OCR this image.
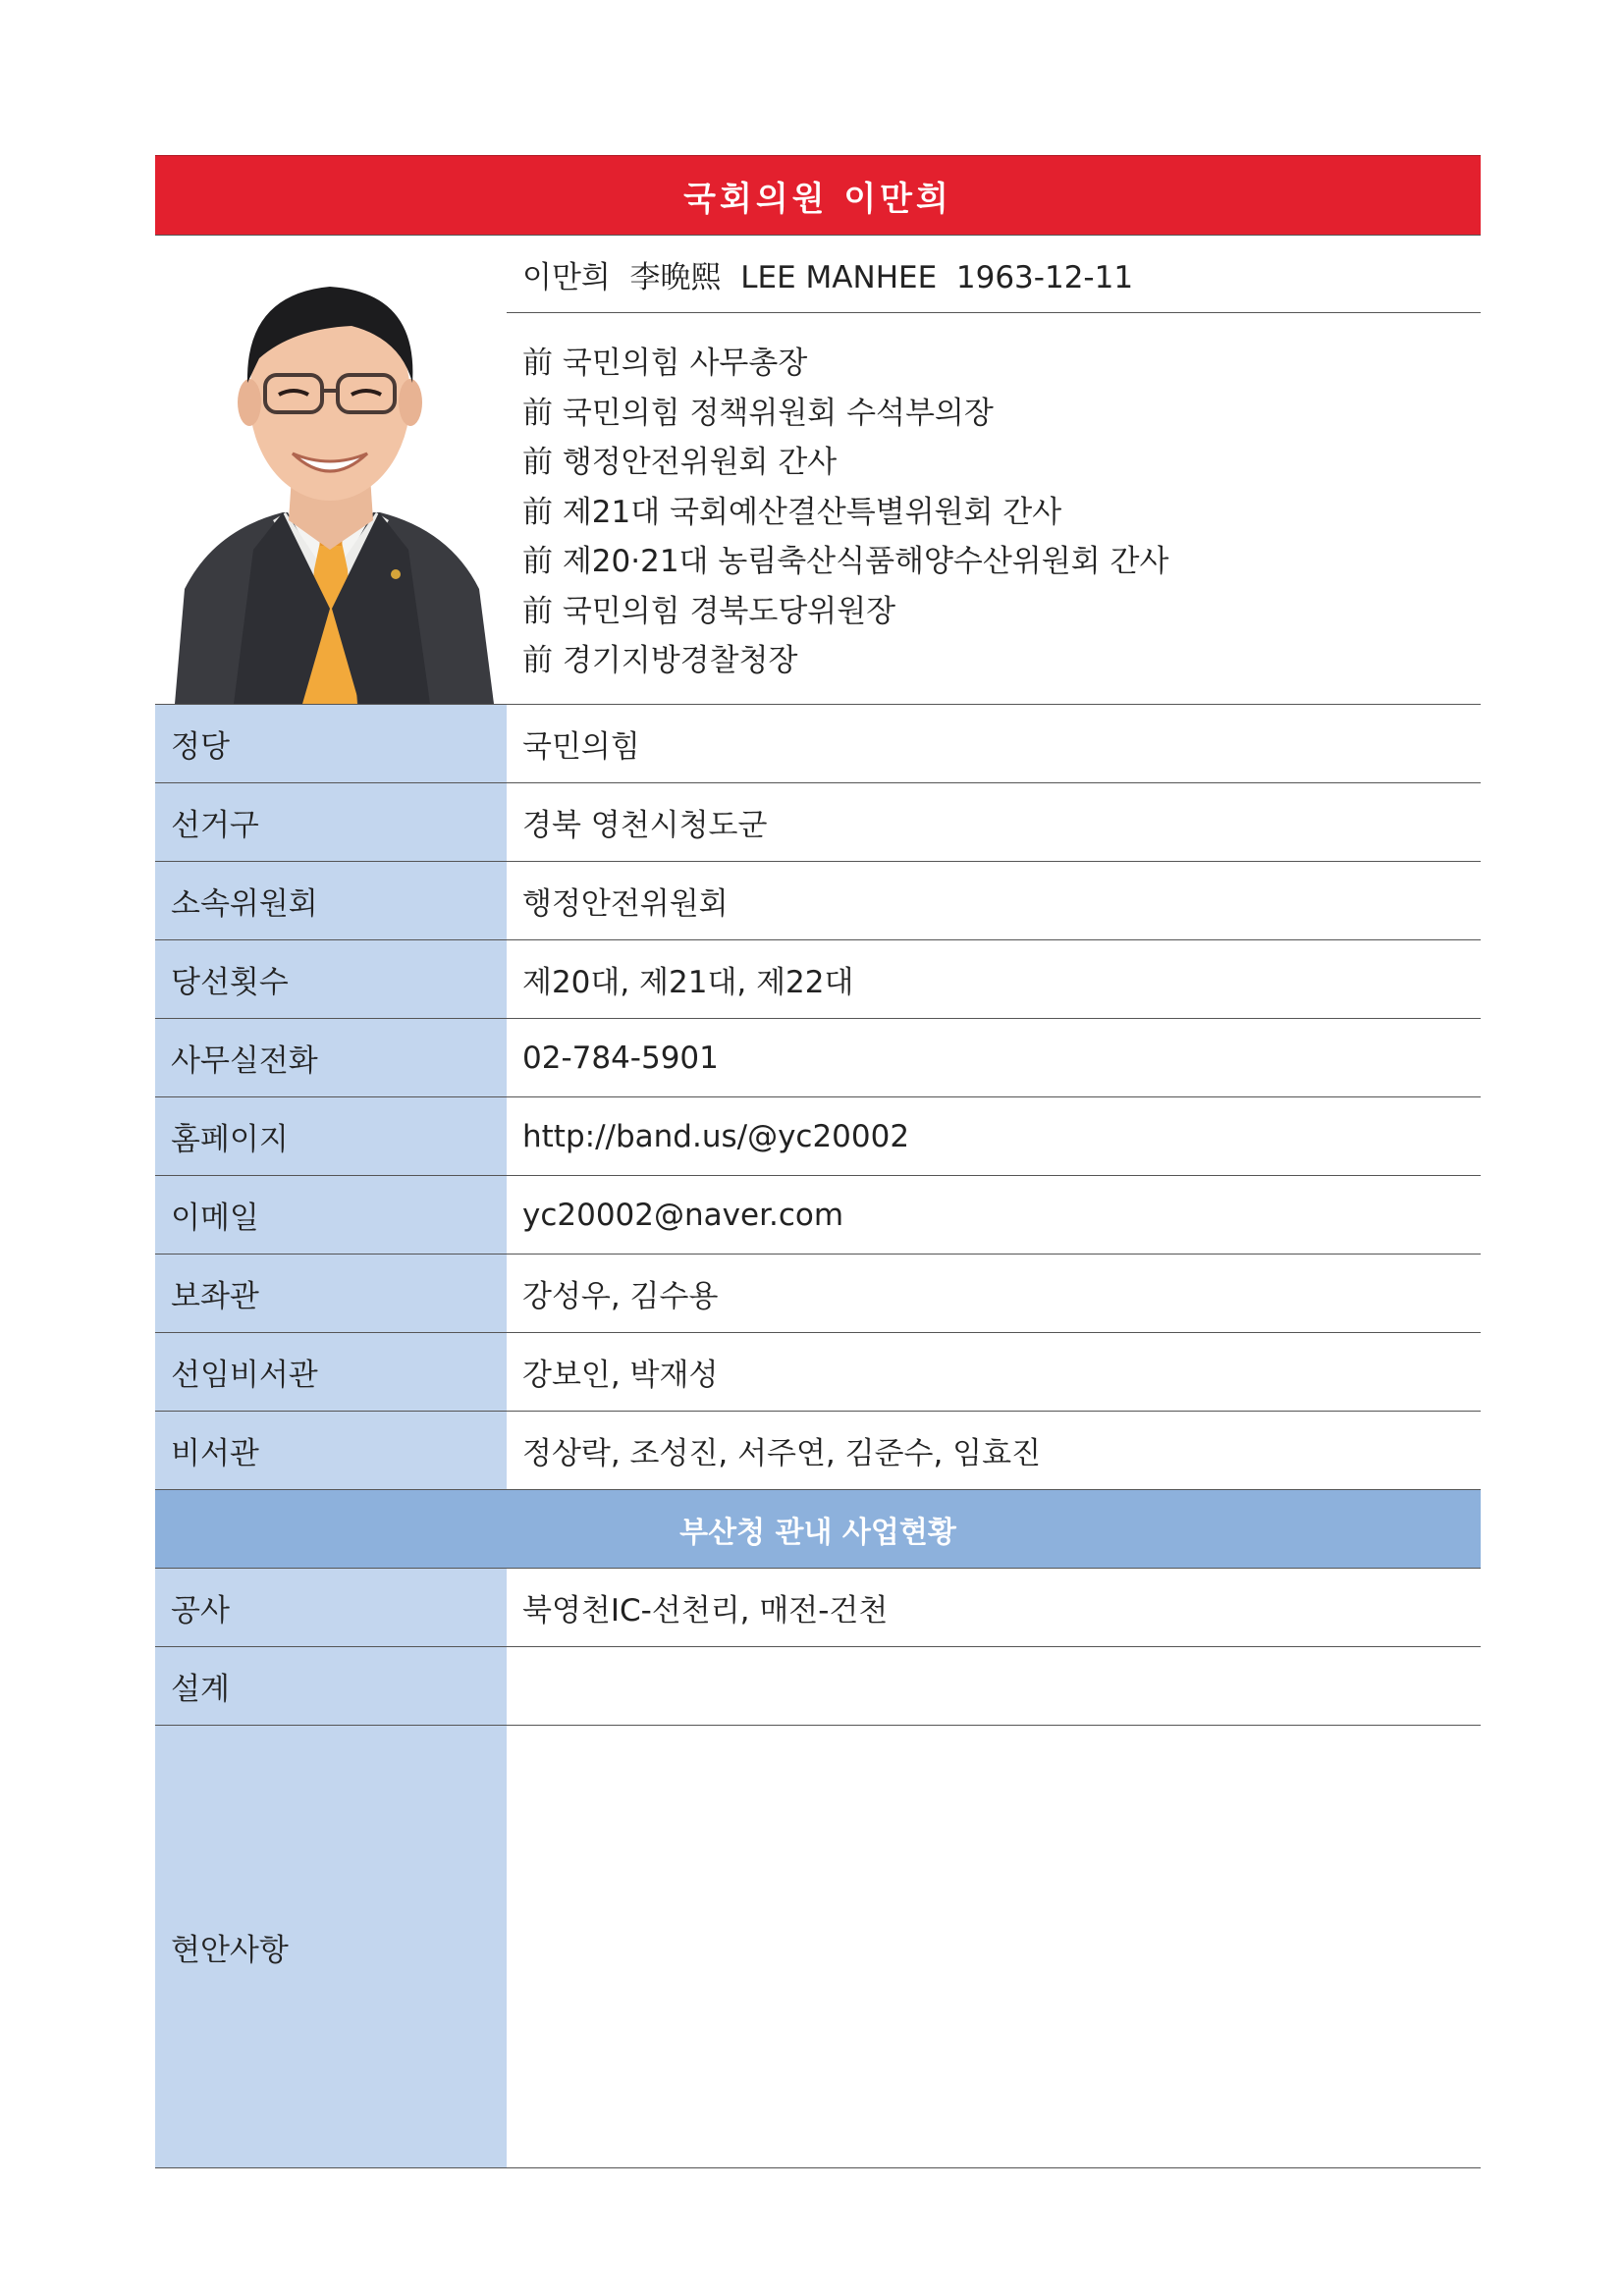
국회의원 이만희
이만희  李晩熙  LEE MANHEE  1963-12-11
前 국민의힘 사무총장
前 국민의힘 정책위원회 수석부의장
前 행정안전위원회 간사
前 제21대 국회예산결산특별위원회 간사
前 제20·21대 농림축산식품해양수산위원회 간사
前 국민의힘 경북도당위원장
前 경기지방경찰청장
정당	국민의힘
선거구	경북 영천시청도군
소속위원회	행정안전위원회
당선횟수	제20대, 제21대, 제22대
사무실전화	02-784-5901
홈페이지	http://band.us/@yc20002
이메일	yc20002@naver.com
보좌관	강성우, 김수용
선임비서관	강보인, 박재성
비서관	정상락, 조성진, 서주연, 김준수, 임효진
부산청 관내 사업현황
공사	북영천IC-선천리, 매전-건천
설계
현안사항
